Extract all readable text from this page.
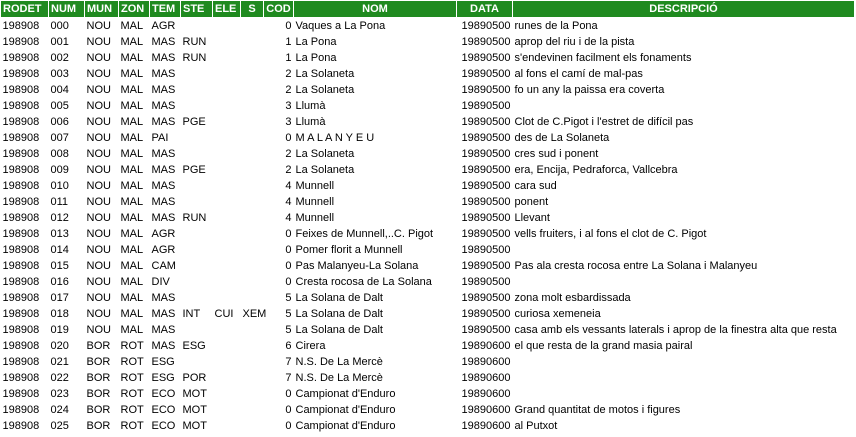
RODET	NUM	MUN	ZON	TEM	STE	ELE	S	COD	NOM	DATA	DESCRIPCIÓ
198908	000	NOU	MAL	AGR				0	Vaques a La Pona	19890500	runes de la Pona
198908	001	NOU	MAL	MAS	RUN			1	La Pona	19890500	aprop del riu i de la pista
198908	002	NOU	MAL	MAS	RUN			1	La Pona	19890500	s'endevinen facilment els fonaments
198908	003	NOU	MAL	MAS				2	La Solaneta	19890500	al fons el camí de mal-pas
198908	004	NOU	MAL	MAS				2	La Solaneta	19890500	fo un any la paissa era coverta
198908	005	NOU	MAL	MAS				3	Llumà	19890500	
198908	006	NOU	MAL	MAS	PGE			3	Llumà	19890500	Clot de C.Pigot i l'estret de difícil pas
198908	007	NOU	MAL	PAI				0	M A L A N Y E U	19890500	des de La Solaneta
198908	008	NOU	MAL	MAS				2	La Solaneta	19890500	cres sud i ponent
198908	009	NOU	MAL	MAS	PGE			2	La Solaneta	19890500	era, Encija, Pedraforca, Vallcebra
198908	010	NOU	MAL	MAS				4	Munnell	19890500	cara sud
198908	011	NOU	MAL	MAS				4	Munnell	19890500	ponent
198908	012	NOU	MAL	MAS	RUN			4	Munnell	19890500	Llevant
198908	013	NOU	MAL	AGR				0	Feixes de Munnell,..C. Pigot	19890500	vells fruiters, i al fons el clot de C. Pigot
198908	014	NOU	MAL	AGR				0	Pomer florit a Munnell	19890500	
198908	015	NOU	MAL	CAM				0	Pas Malanyeu-La Solana	19890500	Pas ala cresta rocosa entre La Solana i Malanyeu
198908	016	NOU	MAL	DIV				0	Cresta rocosa de La Solana	19890500	
198908	017	NOU	MAL	MAS				5	La Solana de Dalt	19890500	zona molt esbardissada
198908	018	NOU	MAL	MAS	INT	CUI	XEM	5	La Solana de Dalt	19890500	curiosa xemeneia
198908	019	NOU	MAL	MAS				5	La Solana de Dalt	19890500	casa amb els vessants laterals i aprop de la finestra alta que resta
198908	020	BOR	ROT	MAS	ESG			6	Cirera	19890600	el que resta de la grand masia pairal
198908	021	BOR	ROT	ESG				7	N.S. De La Mercè	19890600	
198908	022	BOR	ROT	ESG	POR			7	N.S. De La Mercè	19890600	
198908	023	BOR	ROT	ECO	MOT			0	Campionat d'Enduro	19890600	
198908	024	BOR	ROT	ECO	MOT			0	Campionat d'Enduro	19890600	Grand quantitat de motos i figures
198908	025	BOR	ROT	ECO	MOT			0	Campionat d'Enduro	19890600	al Putxot
